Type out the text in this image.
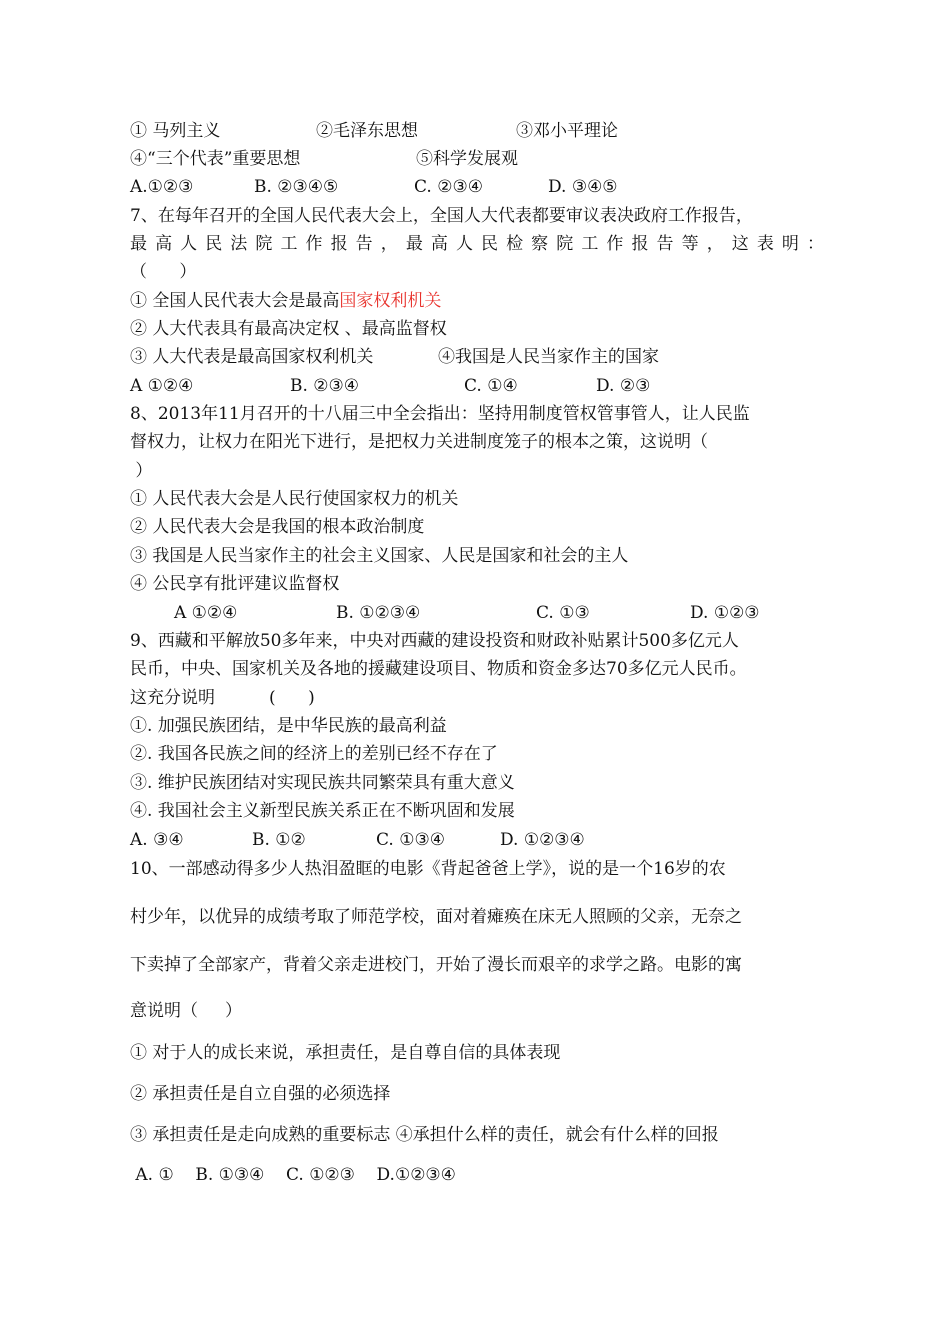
① 马列主义	②毛泽东思想	③邓小平理论

④“三个代表”重要思想	⑤科学发展观

A.①②③	B. ②③④⑤	C. ②③④	D. ③④⑤

7、在每年召开的全国人民代表大会上，全国人大代表都要审议表决政府工作报告，

最高人民法院工作报告，最高人民检察院工作报告等，这表明：

（      ）

① 全国人民代表大会是最高国家权利机关

② 人大代表具有最高决定权 、最高监督权

③ 人大代表是最高国家权利机关	④我国是人民当家作主的国家

A ①②④	B. ②③④	C. ①④	D. ②③

8、2013年11月召开的十八届三中全会指出：坚持用制度管权管事管人，让人民监

督权力，让权力在阳光下进行，是把权力关进制度笼子的根本之策，这说明（

）

① 人民代表大会是人民行使国家权力的机关

② 人民代表大会是我国的根本政治制度

③ 我国是人民当家作主的社会主义国家、人民是国家和社会的主人

④ 公民享有批评建议监督权

A ①②④	B. ①②③④	C. ①③	D. ①②③

9、西藏和平解放50多年来，中央对西藏的建设投资和财政补贴累计500多亿元人

民币，中央、国家机关及各地的援藏建设项目、物质和资金多达70多亿元人民币。

这充分说明          (      )

①. 加强民族团结，是中华民族的最高利益

②. 我国各民族之间的经济上的差别已经不存在了

③. 维护民族团结对实现民族共同繁荣具有重大意义

④. 我国社会主义新型民族关系正在不断巩固和发展

A. ③④	B. ①②	C. ①③④	D. ①②③④

10、一部感动得多少人热泪盈眶的电影《背起爸爸上学》，说的是一个16岁的农

村少年，以优异的成绩考取了师范学校，面对着瘫痪在床无人照顾的父亲，无奈之

下卖掉了全部家产，背着父亲走进校门，开始了漫长而艰辛的求学之路。电影的寓

意说明（     ）

① 对于人的成长来说，承担责任，是自尊自信的具体表现

② 承担责任是自立自强的必须选择

③ 承担责任是走向成熟的重要标志 ④承担什么样的责任，就会有什么样的回报

A. ①    B. ①③④    C. ①②③    D.①②③④
